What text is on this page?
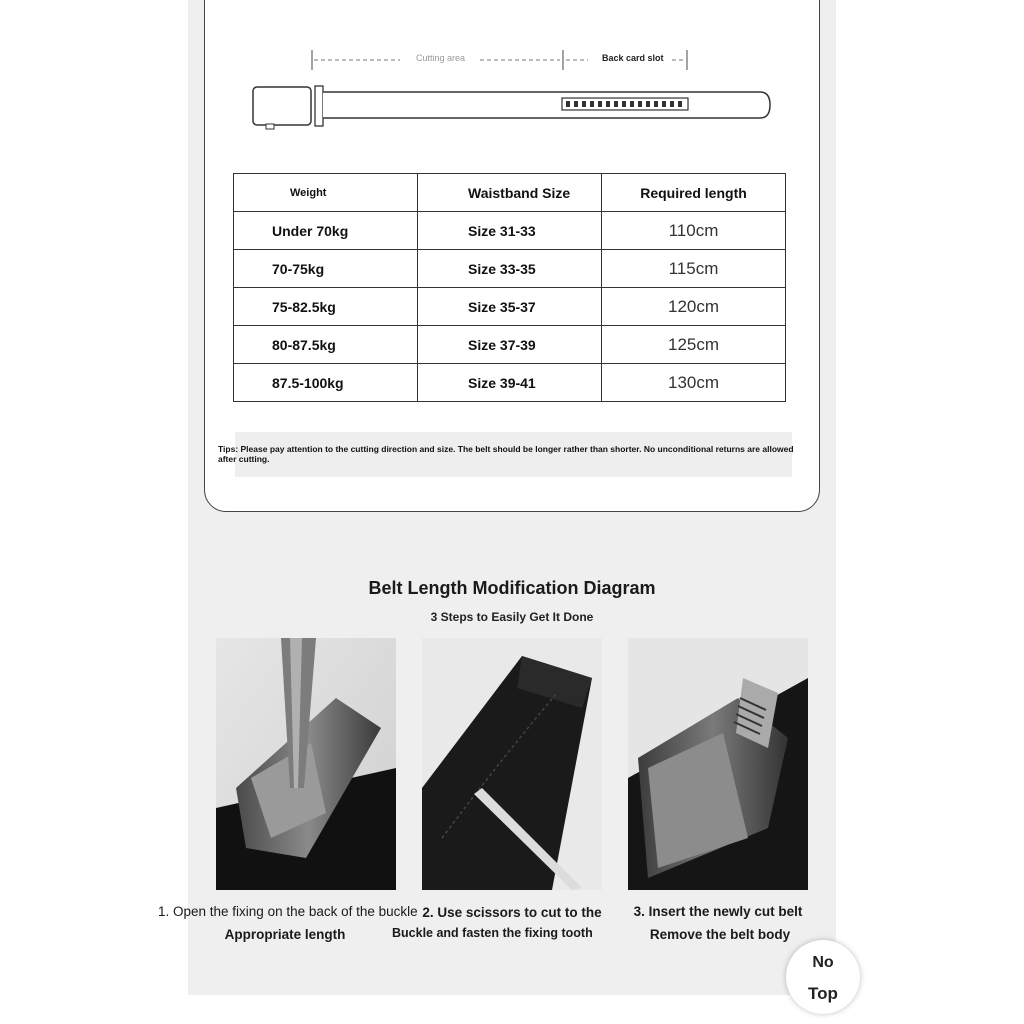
Cutting area	Back card slot
Weight	Waistband Size	Required length
Under 70kg	Size 31-33	110cm
70-75kg	Size 33-35	115cm
75-82.5kg	Size 35-37	120cm
80-87.5kg	Size 37-39	125cm
87.5-100kg	Size 39-41	130cm
Tips: Please pay attention to the cutting direction and size. The belt should be longer rather than shorter. No unconditional returns are allowed after cutting.
Belt Length Modification Diagram
3 Steps to Easily Get It Done
1. Open the fixing on the back of the buckle
Appropriate length
2. Use scissors to cut to the
Buckle and fasten the fixing tooth
3. Insert the newly cut belt
Remove the belt body
No
Top
